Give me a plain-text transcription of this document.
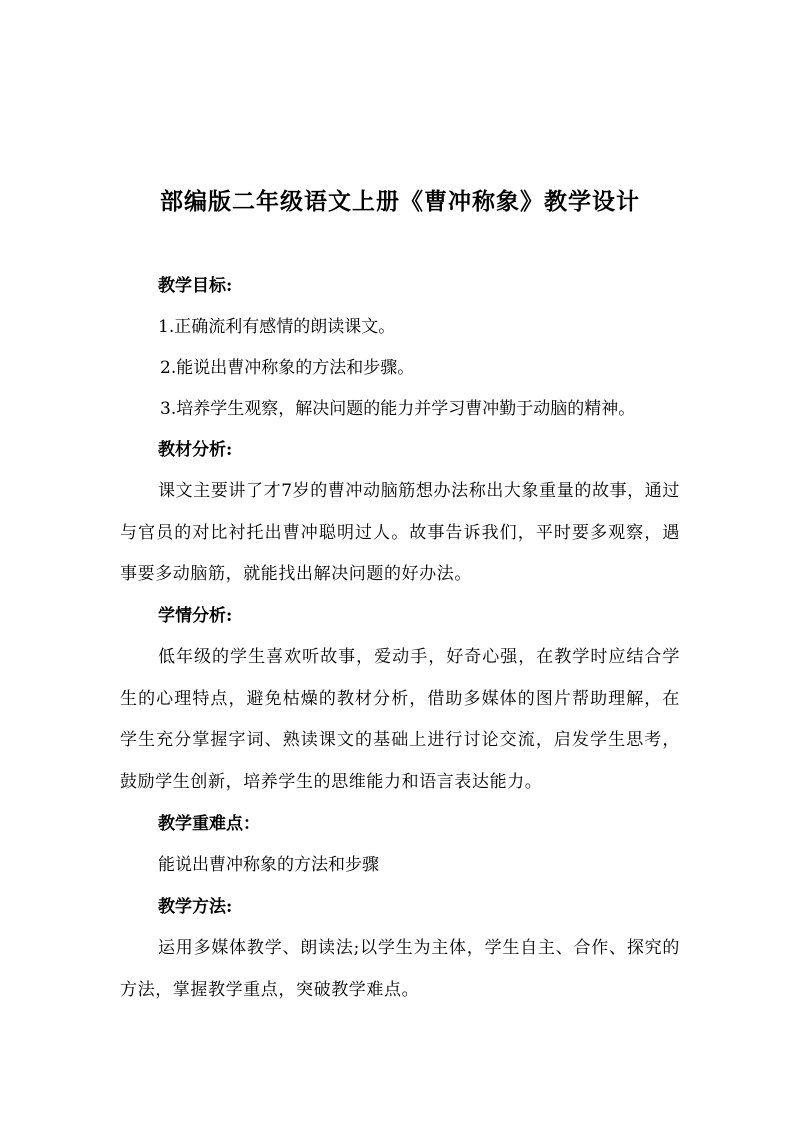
部编版二年级语文上册《曹冲称象》教学设计
教学目标:
1.正确流利有感情的朗读课文。
2.能说出曹冲称象的方法和步骤。
3.培养学生观察，解决问题的能力并学习曹冲勤于动脑的精神。
教材分析:
课文主要讲了才7岁的曹冲动脑筋想办法称出大象重量的故事，通过与官员的对比衬托出曹冲聪明过人。故事告诉我们，平时要多观察，遇事要多动脑筋，就能找出解决问题的好办法。
学情分析:
低年级的学生喜欢听故事，爱动手，好奇心强，在教学时应结合学生的心理特点，避免枯燥的教材分析，借助多媒体的图片帮助理解，在学生充分掌握字词、熟读课文的基础上进行讨论交流，启发学生思考，鼓励学生创新，培养学生的思维能力和语言表达能力。
教学重难点：
能说出曹冲称象的方法和步骤
教学方法:
运用多媒体教学、朗读法;以学生为主体，学生自主、合作、探究的方法，掌握教学重点，突破教学难点。
